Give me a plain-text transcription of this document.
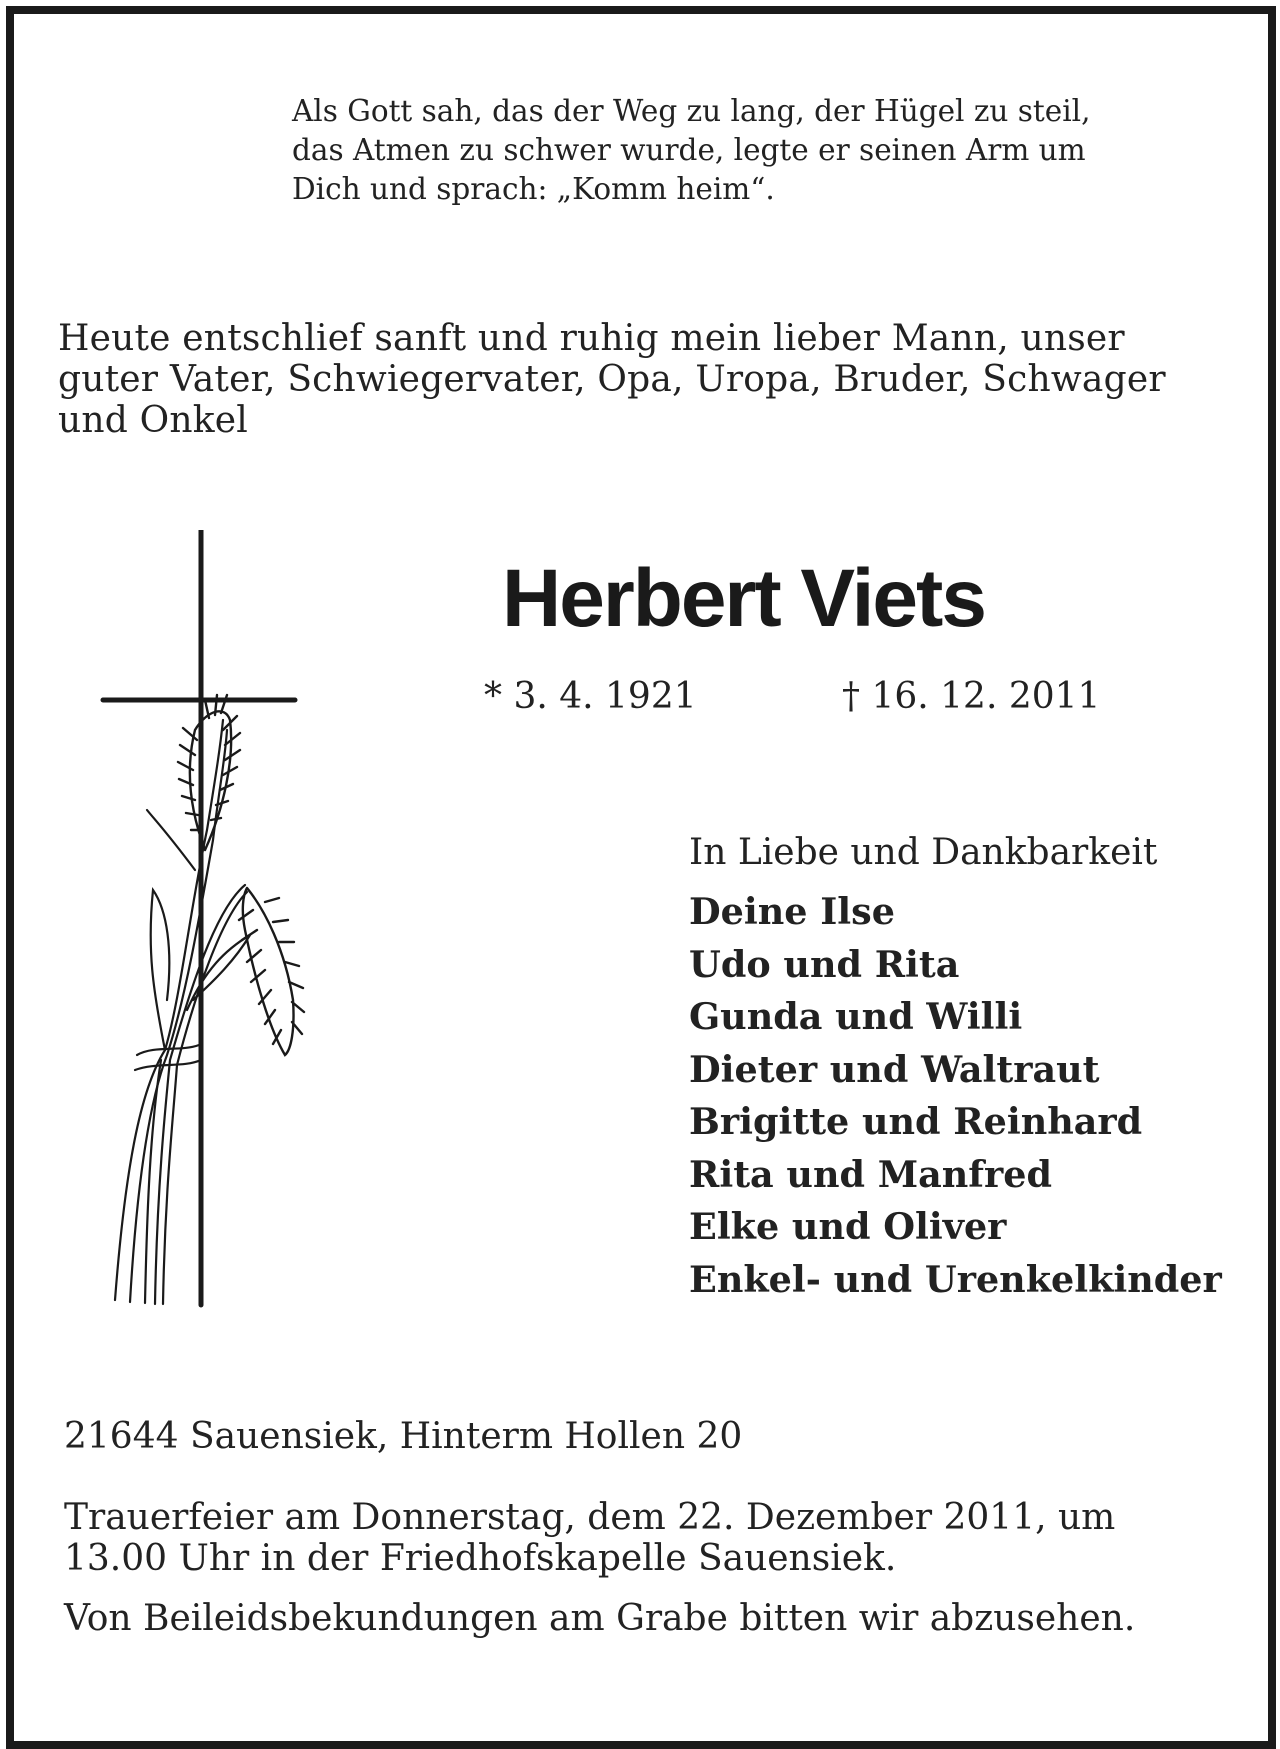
Als Gott sah, das der Weg zu lang, der Hügel zu steil,
das Atmen zu schwer wurde, legte er seinen Arm um
Dich und sprach: „Komm heim“.
Heute entschlief sanft und ruhig mein lieber Mann, unser
guter Vater, Schwiegervater, Opa, Uropa, Bruder, Schwager
und Onkel
Herbert Viets
* 3. 4. 1921	† 16. 12. 2011
In Liebe und Dankbarkeit
Deine Ilse
Udo und Rita
Gunda und Willi
Dieter und Waltraut
Brigitte und Reinhard
Rita und Manfred
Elke und Oliver
Enkel- und Urenkelkinder
21644 Sauensiek, Hinterm Hollen 20
Trauerfeier am Donnerstag, dem 22. Dezember 2011, um
13.00 Uhr in der Friedhofskapelle Sauensiek.
Von Beileidsbekundungen am Grabe bitten wir abzusehen.
